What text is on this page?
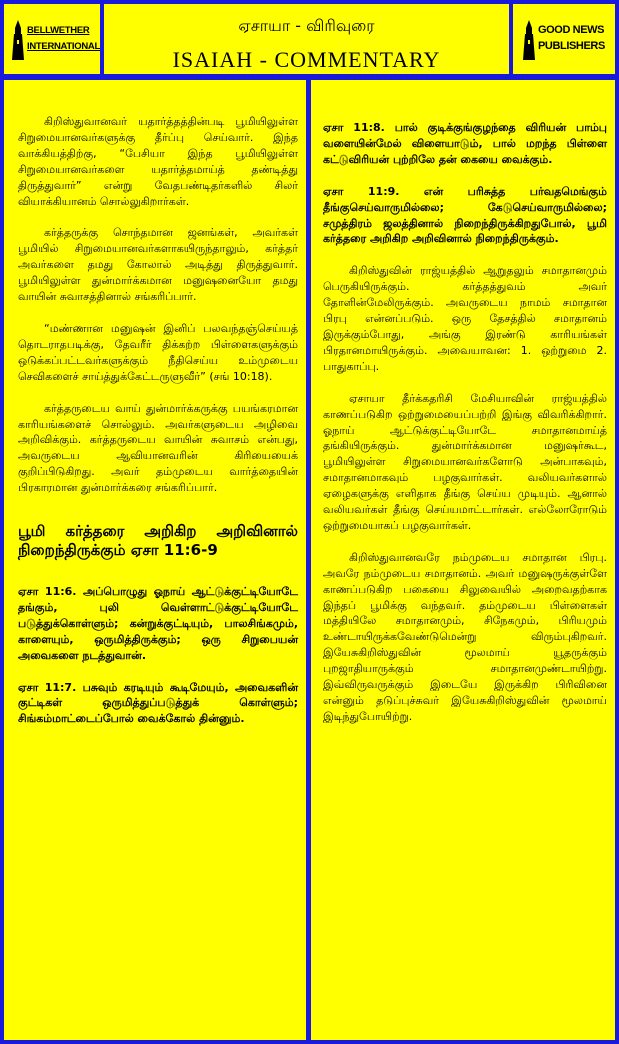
BELLWETHER
INTERNATIONAL
ஏசாயா - விரிவுரை
ISAIAH - COMMENTARY
GOOD NEWS
PUBLISHERS

கிறிஸ்துவானவர் யதார்த்தத்தின்படி பூமியிலுள்ள சிறுமையானவர்களுக்கு தீர்ப்பு செய்வார். இந்த வாக்கியத்திற்கு, “பேசியா இந்த பூமியிலுள்ள சிறுமையானவர்களை யதார்த்தமாய்த் தண்டித்து திருத்துவார்” என்று வேதபண்டிதர்களில் சிலர் வியாக்கியானம் சொல்லுகிறார்கள்.

கர்த்தருக்கு சொந்தமான ஜனங்கள், அவர்கள் பூமியில் சிறுமையானவர்களாகயிருந்தாலும், கர்த்தர் அவர்களை தமது கோலால் அடித்து திருத்துவார். பூமியிலுள்ள துன்மார்க்கமான மனுஷனையோ தமது வாயின் சுவாசத்தினால் சங்கரிப்பார்.

“மண்ணான மனுஷன் இனிப் பலவந்தஞ்செய்யத் தொடராதபடிக்கு, தேவரீர் திக்கற்ற பிள்ளைகளுக்கும் ஒடுக்கப்பட்டவர்களுக்கும் நீதிசெய்ய உம்முடைய செவிகளைச் சாய்த்துக்கேட்டருளுவீர்” (சங் 10:18).

கர்த்தருடைய வாய் துன்மார்க்கருக்கு பயங்கரமான காரியங்களைச் சொல்லும். அவர்களுடைய அழிவை அறிவிக்கும். கர்த்தருடைய வாயின் சுவாசம் என்பது, அவருடைய ஆவியானவரின் கிரியையைக் குறிப்பிடுகிறது. அவர் தம்முடைய வார்த்தையின் பிரகாரமான துன்மார்க்கரை சங்கரிப்பார்.

பூமி கர்த்தரை அறிகிற அறிவினால் நிறைந்திருக்கும் ஏசா 11:6-9

ஏசா 11:6. அப்பொழுது ஓநாய் ஆட்டுக்குட்டியோடே தங்கும், புலி வெள்ளாட்டுக்குட்டியோடே படுத்துக்கொள்ளும்; கன்றுக்குட்டியும், பாலசிங்கமும், காளையும், ஒருமித்திருக்கும்; ஒரு சிறுபையன் அவைகளை நடத்துவான்.

ஏசா 11:7. பசுவும் கரடியும் கூடிமேயும், அவைகளின் குட்டிகள் ஒருமித்துப்படுத்துக் கொள்ளும்; சிங்கம்மாட்டைப்போல் வைக்கோல் தின்னும்.

ஏசா 11:8. பால் குடிக்குங்குழந்தை விரியன் பாம்பு வளையின்மேல் விளையாடும், பால் மறந்த பிள்ளை கட்டுவிரியன் புற்றிலே தன் கையை வைக்கும்.

ஏசா 11:9. என் பரிசுத்த பர்வதமெங்கும் தீங்குசெய்வாருமில்லை; கேடுசெய்வாருமில்லை; சமுத்திரம் ஜலத்தினால் நிறைந்திருக்கிறதுபோல், பூமி கர்த்தரை அறிகிற அறிவினால் நிறைந்திருக்கும்.

கிறிஸ்துவின் ராஜ்யத்தில் ஆறுதலும் சமாதானமும் பெருகியிருக்கும். கர்த்தத்துவம் அவர் தோளின்மேலிருக்கும். அவருடைய நாமம் சமாதான பிரபு என்னப்படும். ஒரு தேசத்தில் சமாதானம் இருக்கும்போது, அங்கு இரண்டு காரியங்கள் பிரதானமாயிருக்கும். அவையாவன: 1. ஒற்றுமை 2. பாதுகாப்பு.

ஏசாயா தீர்க்கதரிசி மேசியாவின் ராஜ்யத்தில் காணப்படுகிற ஒற்றுமையைப்பற்றி இங்கு விவரிக்கிறார். ஓநாய் ஆட்டுக்குட்டியோடே சமாதானமாய்த் தங்கியிருக்கும். துன்மார்க்கமான மனுஷர்கூட, பூமியிலுள்ள சிறுமையானவர்களோடு அன்பாகவும், சமாதானமாகவும் பழகுவார்கள். வலியவர்களால் ஏழைகளுக்கு எளிதாக தீங்கு செய்ய முடியும். ஆனால் வலியவர்கள் தீங்கு செய்யமாட்டார்கள். எல்லோரோடும் ஒற்றுமையாகப் பழகுவார்கள்.

கிறிஸ்துவானவரே நம்முடைய சமாதான பிரபு. அவரே நம்முடைய சமாதானம். அவர் மனுஷருக்குள்ளே காணப்படுகிற பகையை சிலுவையில் அறைவதற்காக இந்தப் பூமிக்கு வந்தவர். தம்முடைய பிள்ளைகள் மத்தியிலே சமாதானமும், சிநேகமும், பிரியமும் உண்டாயிருக்கவேண்டுமென்று விரும்புகிறவர். இயேசுகிறிஸ்துவின் மூலமாய் யூதருக்கும் புறஜாதியாருக்கும் சமாதானமுண்டாயிற்று. இவ்விருவருக்கும் இடையே இருக்கிற பிரிவினை என்னும் தடுப்புச்சுவர் இயேசுகிறிஸ்துவின் மூலமாய் இடிந்துபோயிற்று.
